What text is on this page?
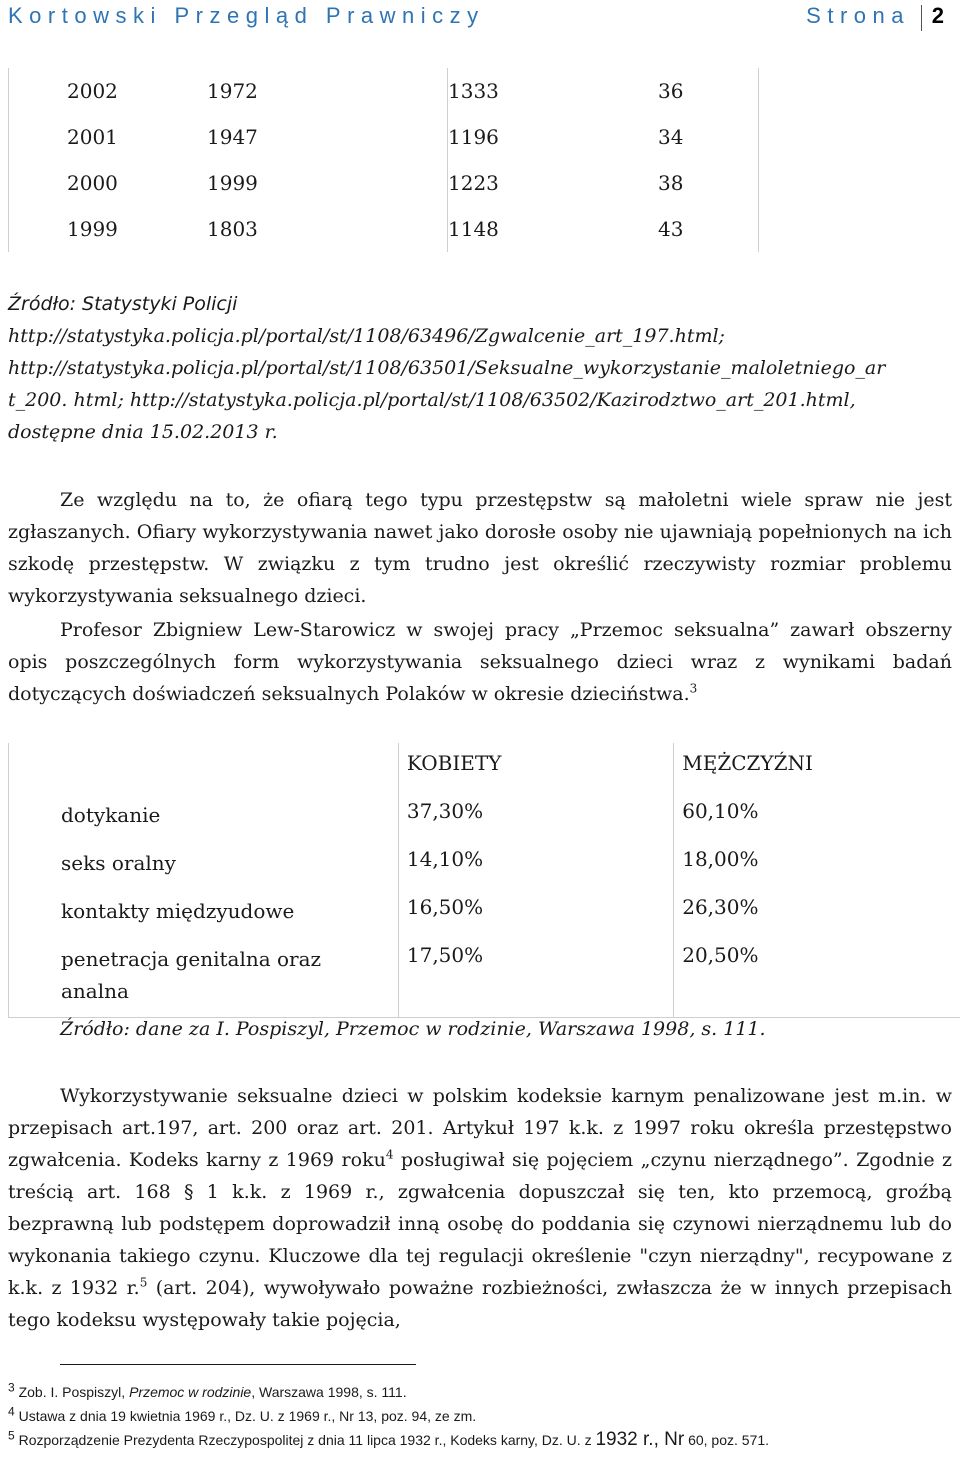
Kortowski Przegląd Prawniczy	Strona 2
2002	1972	1333	36	
2001	1947	1196	34	
2000	1999	1223	38	
1999	1803	1148	43	
Źródło: Statystyki Policji
http://statystyka.policja.pl/portal/st/1108/63496/Zgwalcenie_art_197.html;
http://statystyka.policja.pl/portal/st/1108/63501/Seksualne_wykorzystanie_maloletniego_ar
t_200. html; http://statystyka.policja.pl/portal/st/1108/63502/Kazirodztwo_art_201.html,
dostępne dnia 15.02.2013 r.

Ze względu na to, że ofiarą tego typu przestępstw są małoletni wiele spraw nie jest zgłaszanych. Ofiary wykorzystywania nawet jako dorosłe osoby nie ujawniają popełnionych na ich szkodę przestępstw. W związku z tym trudno jest określić rzeczywisty rozmiar problemu wykorzystywania seksualnego dzieci.

Profesor Zbigniew Lew-Starowicz w swojej pracy „Przemoc seksualna” zawarł obszerny opis poszczególnych form wykorzystywania seksualnego dzieci wraz z wynikami badań dotyczących doświadczeń seksualnych Polaków w okresie dzieciństwa.$^3$

	KOBIETY	MĘŻCZYŹNI
dotykanie	37,30%	60,10%
seks oralny	14,10%	18,00%
kontakty międzyudowe	16,50%	26,30%
penetracja genitalna oraz analna	17,50%	20,50%
Źródło: dane za I. Pospiszyl, Przemoc w rodzinie, Warszawa 1998, s. 111.

Wykorzystywanie seksualne dzieci w polskim kodeksie karnym penalizowane jest m.in. w przepisach art.197, art. 200 oraz art. 201. Artykuł 197 k.k. z 1997 roku określa przestępstwo zgwałcenia. Kodeks karny z 1969 roku$^4$ posługiwał się pojęciem „czynu nierządnego”. Zgodnie z treścią art. 168 § 1 k.k. z 1969 r., zgwałcenia dopuszczał się ten, kto przemocą, groźbą bezprawną lub podstępem doprowadził inną osobę do poddania się czynowi nierządnemu lub do wykonania takiego czynu. Kluczowe dla tej regulacji określenie "czyn nierządny", recypowane z k.k. z 1932 r.$^5$ (art. 204), wywoływało poważne rozbieżności, zwłaszcza że w innych przepisach tego kodeksu występowały takie pojęcia,

$^3$ Zob. I. Pospiszyl, Przemoc w rodzinie, Warszawa 1998, s. 111.
$^4$ Ustawa z dnia 19 kwietnia 1969 r., Dz. U. z 1969 r., Nr 13, poz. 94, ze zm.
$^5$ Rozporządzenie Prezydenta Rzeczypospolitej z dnia 11 lipca 1932 r., Kodeks karny, Dz. U. z 1932 r., Nr 60, poz. 571.
